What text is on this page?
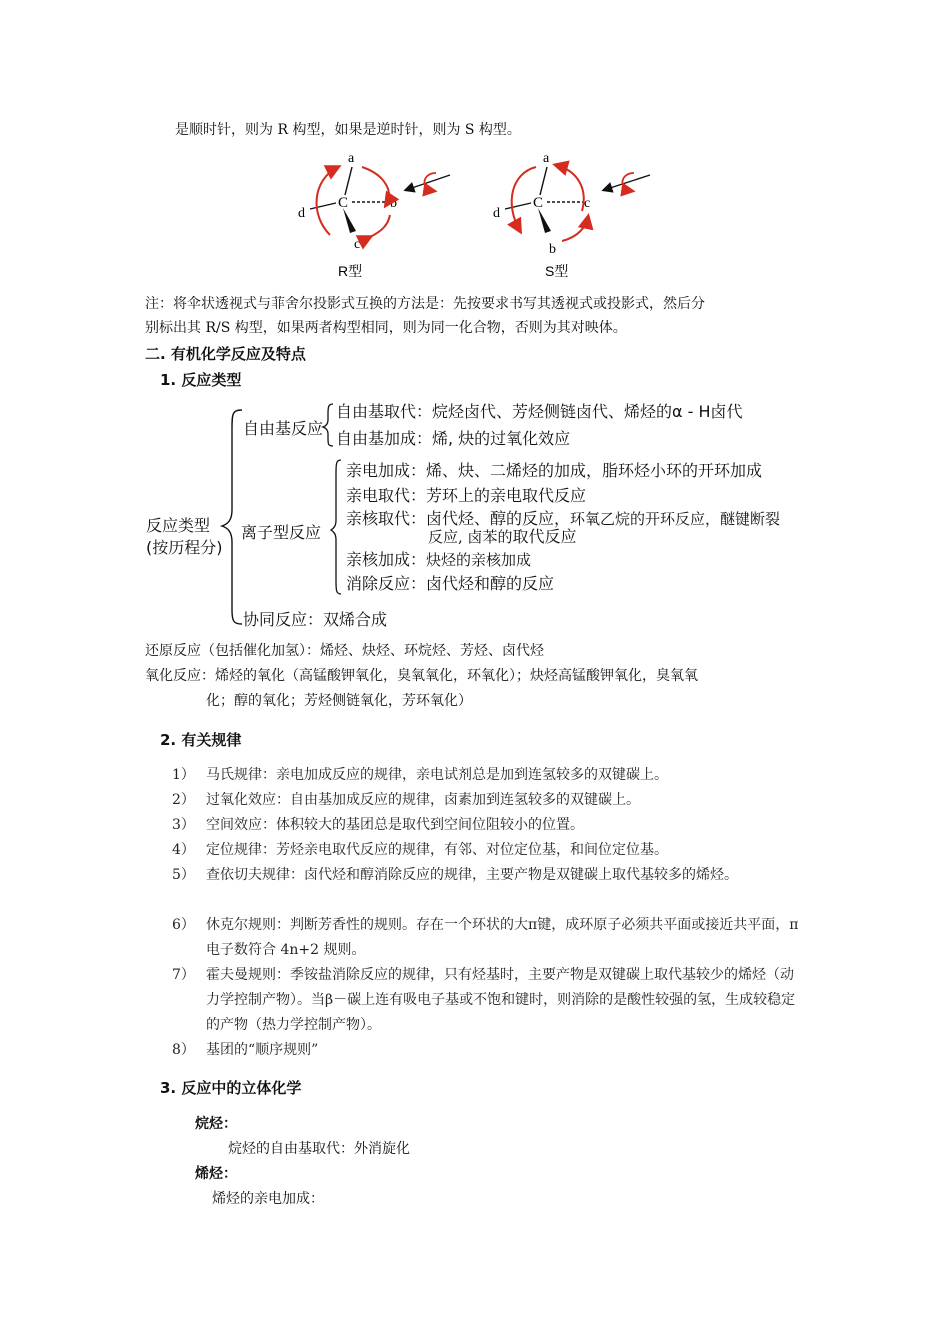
是顺时针，则为 R 构型，如果是逆时针，则为 S 构型。
a
C
d
b
c
R型
a
C
d
c
b
S型
注：将伞状透视式与菲舍尔投影式互换的方法是：先按要求书写其透视式或投影式，然后分
别标出其 R/S 构型，如果两者构型相同，则为同一化合物，否则为其对映体。
二. 有机化学反应及特点
1. 反应类型
反应类型
(按历程分)
自由基反应
自由基取代：烷烃卤代、芳烃侧链卤代、烯烃的α - H卤代
自由基加成：烯, 炔的过氧化效应
离子型反应
亲电加成：烯、炔、二烯烃的加成，脂环烃小环的开环加成
亲电取代：芳环上的亲电取代反应
亲核取代：卤代烃、醇的反应，环氧乙烷的开环反应，醚键断裂
反应, 卤苯的取代反应
亲核加成：炔烃的亲核加成
消除反应：卤代烃和醇的反应
协同反应：双烯合成
还原反应（包括催化加氢）：烯烃、炔烃、环烷烃、芳烃、卤代烃
氧化反应：烯烃的氧化（高锰酸钾氧化，臭氧氧化，环氧化）；炔烃高锰酸钾氧化，臭氧氧
化；醇的氧化；芳烃侧链氧化，芳环氧化）
2. 有关规律
1） 马氏规律：亲电加成反应的规律，亲电试剂总是加到连氢较多的双键碳上。
2） 过氧化效应：自由基加成反应的规律，卤素加到连氢较多的双键碳上。
3） 空间效应：体积较大的基团总是取代到空间位阻较小的位置。
4） 定位规律：芳烃亲电取代反应的规律，有邻、对位定位基，和间位定位基。
5） 查依切夫规律：卤代烃和醇消除反应的规律，主要产物是双键碳上取代基较多的烯烃。
6） 休克尔规则：判断芳香性的规则。存在一个环状的大π键，成环原子必须共平面或接近共平面，π电子数符合 4n+2 规则。
7） 霍夫曼规则：季铵盐消除反应的规律，只有烃基时，主要产物是双键碳上取代基较少的烯烃（动力学控制产物）。当β－碳上连有吸电子基或不饱和键时，则消除的是酸性较强的氢，生成较稳定的产物（热力学控制产物）。
8） 基团的“顺序规则”
3. 反应中的立体化学
烷烃：
烷烃的自由基取代：外消旋化
烯烃：
烯烃的亲电加成：
